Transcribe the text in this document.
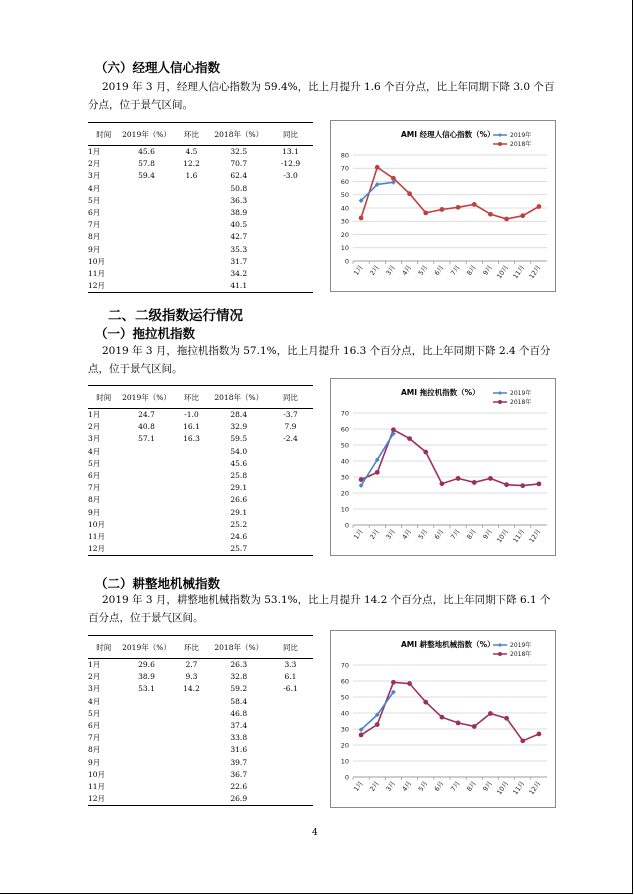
（六）经理人信心指数
2019 年 3 月，经理人信心指数为 59.4%，比上月提升 1.6 个百分点，比上年同期下降 3.0 个百分点，位于景气区间。
时间	2019年（%）	环比	2018年（%）	同比
1月	45.6	4.5	32.5	13.1
2月	57.8	12.2	70.7	-12.9
3月	59.4	1.6	62.4	-3.0
4月			50.8	
5月			36.3	
6月			38.9	
7月			40.5	
8月			42.7	
9月			35.3	
10月			31.7	
11月			34.2	
12月			41.1	
AMI 经理人信心指数（%）
0
10
20
30
40
50
60
70
80
1月 2月 3月 4月 5月 6月 7月 8月 9月 10月 11月 12月
2019年
2018年
二、二级指数运行情况
（一）拖拉机指数
2019 年 3 月，拖拉机指数为 57.1%，比上月提升 16.3 个百分点，比上年同期下降 2.4 个百分点，位于景气区间。
时间	2019年（%）	环比	2018年（%）	同比
1月	24.7	-1.0	28.4	-3.7
2月	40.8	16.1	32.9	7.9
3月	57.1	16.3	59.5	-2.4
4月			54.0	
5月			45.6	
6月			25.8	
7月			29.1	
8月			26.6	
9月			29.1	
10月			25.2	
11月			24.6	
12月			25.7	
AMI 拖拉机指数（%）
0
10
20
30
40
50
60
70
1月 2月 3月 4月 5月 6月 7月 8月 9月 10月 11月 12月
2019年
2018年
（二）耕整地机械指数
2019 年 3 月，耕整地机械指数为 53.1%，比上月提升 14.2 个百分点，比上年同期下降 6.1 个百分点，位于景气区间。
时间	2019年（%）	环比	2018年（%）	同比
1月	29.6	2.7	26.3	3.3
2月	38.9	9.3	32.8	6.1
3月	53.1	14.2	59.2	-6.1
4月			58.4	
5月			46.8	
6月			37.4	
7月			33.8	
8月			31.6	
9月			39.7	
10月			36.7	
11月			22.6	
12月			26.9	
AMI 耕整地机械指数（%）
0
10
20
30
40
50
60
70
1月 2月 3月 4月 5月 6月 7月 8月 9月 10月 11月 12月
2019年
2018年
4
